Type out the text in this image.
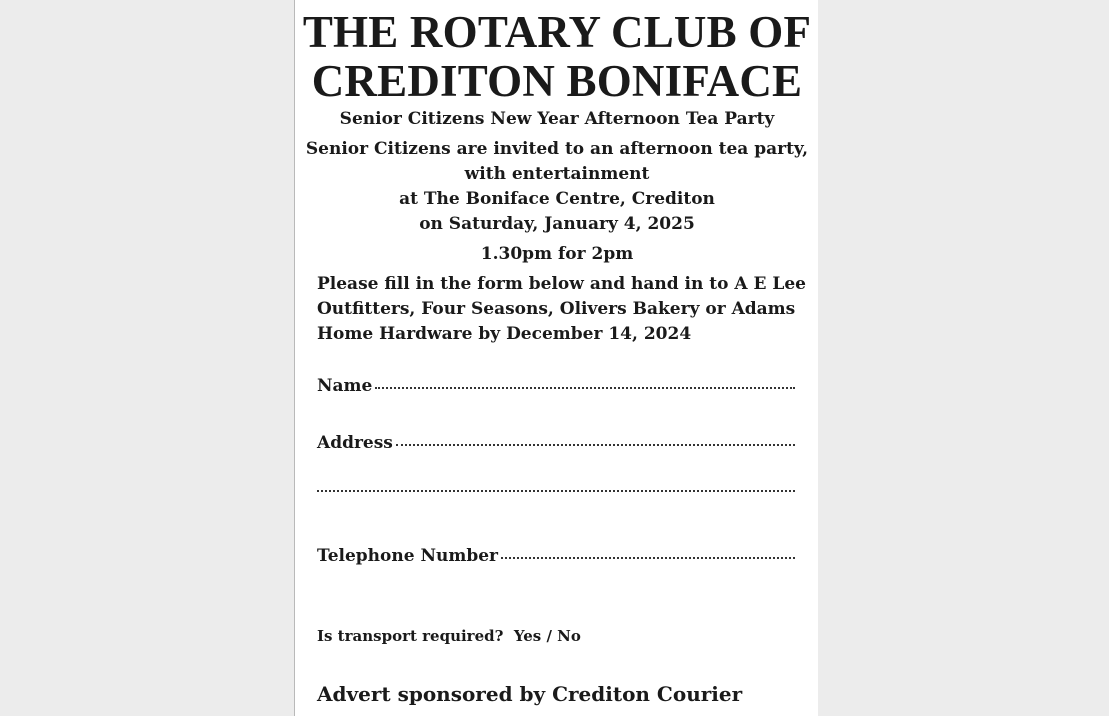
THE ROTARY CLUB OF
CREDITON BONIFACE
Senior Citizens New Year Afternoon Tea Party
Senior Citizens are invited to an afternoon tea party,
with entertainment
at The Boniface Centre, Crediton
on Saturday, January 4, 2025
1.30pm for 2pm
Please fill in the form below and hand in to A E Lee
Outfitters, Four Seasons, Olivers Bakery or Adams
Home Hardware by December 14, 2024
Name
Address
Telephone Number
Is transport required?  Yes / No
Advert sponsored by Crediton Courier
